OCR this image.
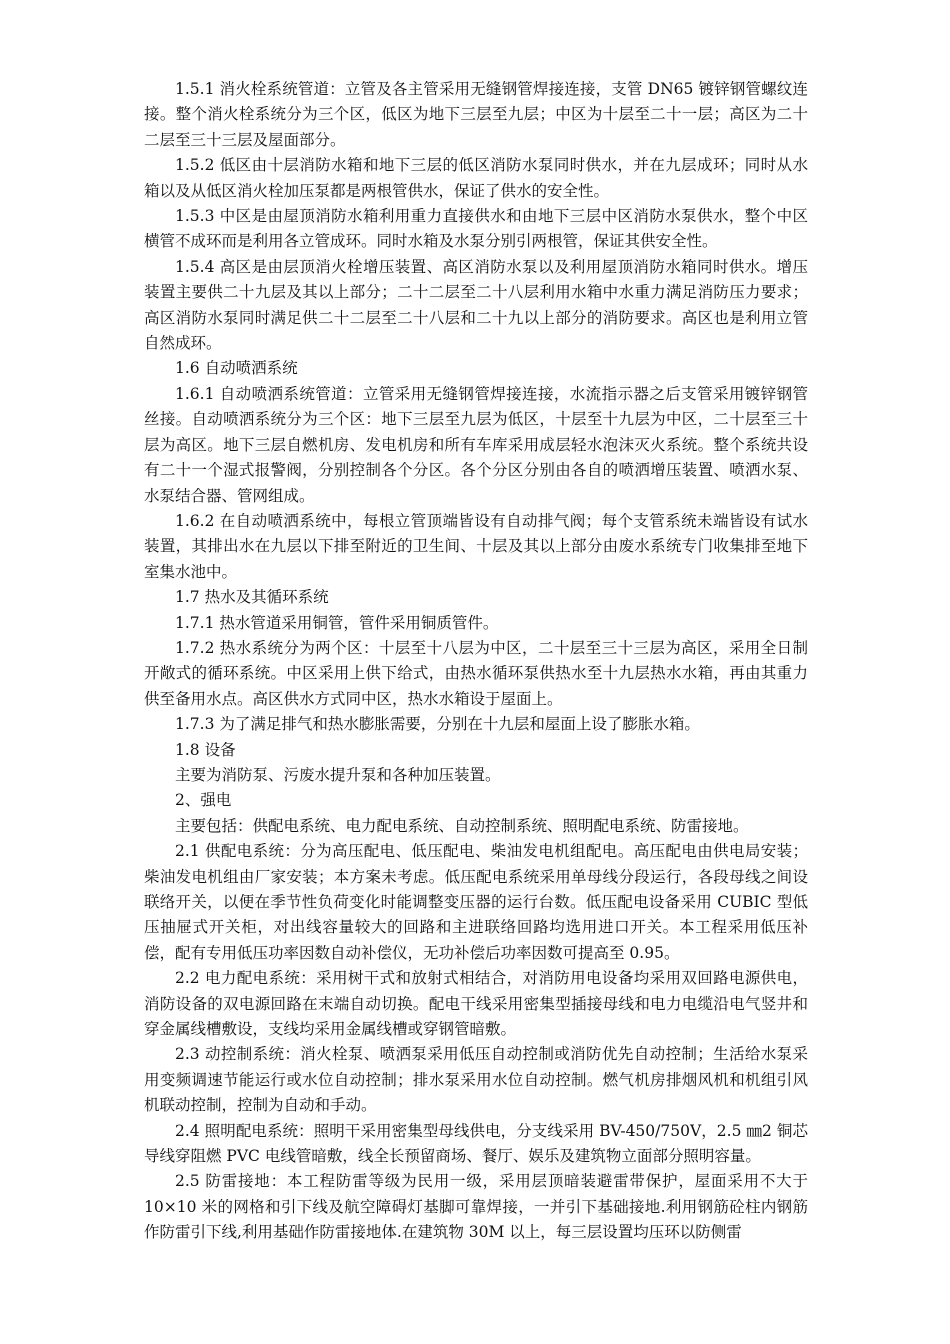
1.5.1 消火栓系统管道：立管及各主管采用无缝钢管焊接连接，支管 DN65 镀锌钢管螺纹连接。整个消火栓系统分为三个区，低区为地下三层至九层；中区为十层至二十一层；高区为二十二层至三十三层及屋面部分。

1.5.2 低区由十层消防水箱和地下三层的低区消防水泵同时供水，并在九层成环；同时从水箱以及从低区消火栓加压泵都是两根管供水，保证了供水的安全性。

1.5.3 中区是由屋顶消防水箱利用重力直接供水和由地下三层中区消防水泵供水，整个中区横管不成环而是利用各立管成环。同时水箱及水泵分别引两根管，保证其供安全性。

1.5.4 高区是由层顶消火栓增压装置、高区消防水泵以及利用屋顶消防水箱同时供水。增压装置主要供二十九层及其以上部分；二十二层至二十八层利用水箱中水重力满足消防压力要求；高区消防水泵同时满足供二十二层至二十八层和二十九以上部分的消防要求。高区也是利用立管自然成环。

1.6 自动喷洒系统

1.6.1 自动喷洒系统管道：立管采用无缝钢管焊接连接，水流指示器之后支管采用镀锌钢管丝接。自动喷洒系统分为三个区：地下三层至九层为低区，十层至十九层为中区，二十层至三十层为高区。地下三层自燃机房、发电机房和所有车库采用成层轻水泡沫灭火系统。整个系统共设有二十一个湿式报警阀，分别控制各个分区。各个分区分别由各自的喷洒增压装置、喷洒水泵、水泵结合器、管网组成。

1.6.2 在自动喷洒系统中，每根立管顶端皆设有自动排气阀；每个支管系统未端皆设有试水装置，其排出水在九层以下排至附近的卫生间、十层及其以上部分由废水系统专门收集排至地下室集水池中。

1.7 热水及其循环系统

1.7.1 热水管道采用铜管，管件采用铜质管件。

1.7.2 热水系统分为两个区：十层至十八层为中区，二十层至三十三层为高区，采用全日制开敞式的循环系统。中区采用上供下给式，由热水循环泵供热水至十九层热水水箱，再由其重力供至备用水点。高区供水方式同中区，热水水箱设于屋面上。

1.7.3 为了满足排气和热水膨胀需要，分别在十九层和屋面上设了膨胀水箱。

1.8 设备

主要为消防泵、污废水提升泵和各种加压装置。

2、强电

主要包括：供配电系统、电力配电系统、自动控制系统、照明配电系统、防雷接地。

2.1 供配电系统：分为高压配电、低压配电、柴油发电机组配电。高压配电由供电局安装；柴油发电机组由厂家安装；本方案未考虑。低压配电系统采用单母线分段运行，各段母线之间设联络开关，以便在季节性负荷变化时能调整变压器的运行台数。低压配电设备采用 CUBIC 型低压抽屉式开关柜，对出线容量较大的回路和主进联络回路均选用进口开关。本工程采用低压补偿，配有专用低压功率因数自动补偿仪，无功补偿后功率因数可提高至 0.95。

2.2 电力配电系统：采用树干式和放射式相结合，对消防用电设备均采用双回路电源供电，消防设备的双电源回路在末端自动切换。配电干线采用密集型插接母线和电力电缆沿电气竖井和穿金属线槽敷设，支线均采用金属线槽或穿钢管暗敷。

2.3 动控制系统：消火栓泵、喷洒泵采用低压自动控制或消防优先自动控制；生活给水泵采用变频调速节能运行或水位自动控制；排水泵采用水位自动控制。燃气机房排烟风机和机组引风机联动控制，控制为自动和手动。

2.4 照明配电系统：照明干采用密集型母线供电，分支线采用 BV-450/750V，2.5 ㎜2 铜芯导线穿阻燃 PVC 电线管暗敷，线全长预留商场、餐厅、娱乐及建筑物立面部分照明容量。

2.5 防雷接地：本工程防雷等级为民用一级，采用层顶暗装避雷带保护，屋面采用不大于 10×10 米的网格和引下线及航空障碍灯基脚可靠焊接，一并引下基础接地.利用钢筋砼柱内钢筋作防雷引下线,利用基础作防雷接地体.在建筑物 30M 以上，每三层设置均压环以防侧雷
